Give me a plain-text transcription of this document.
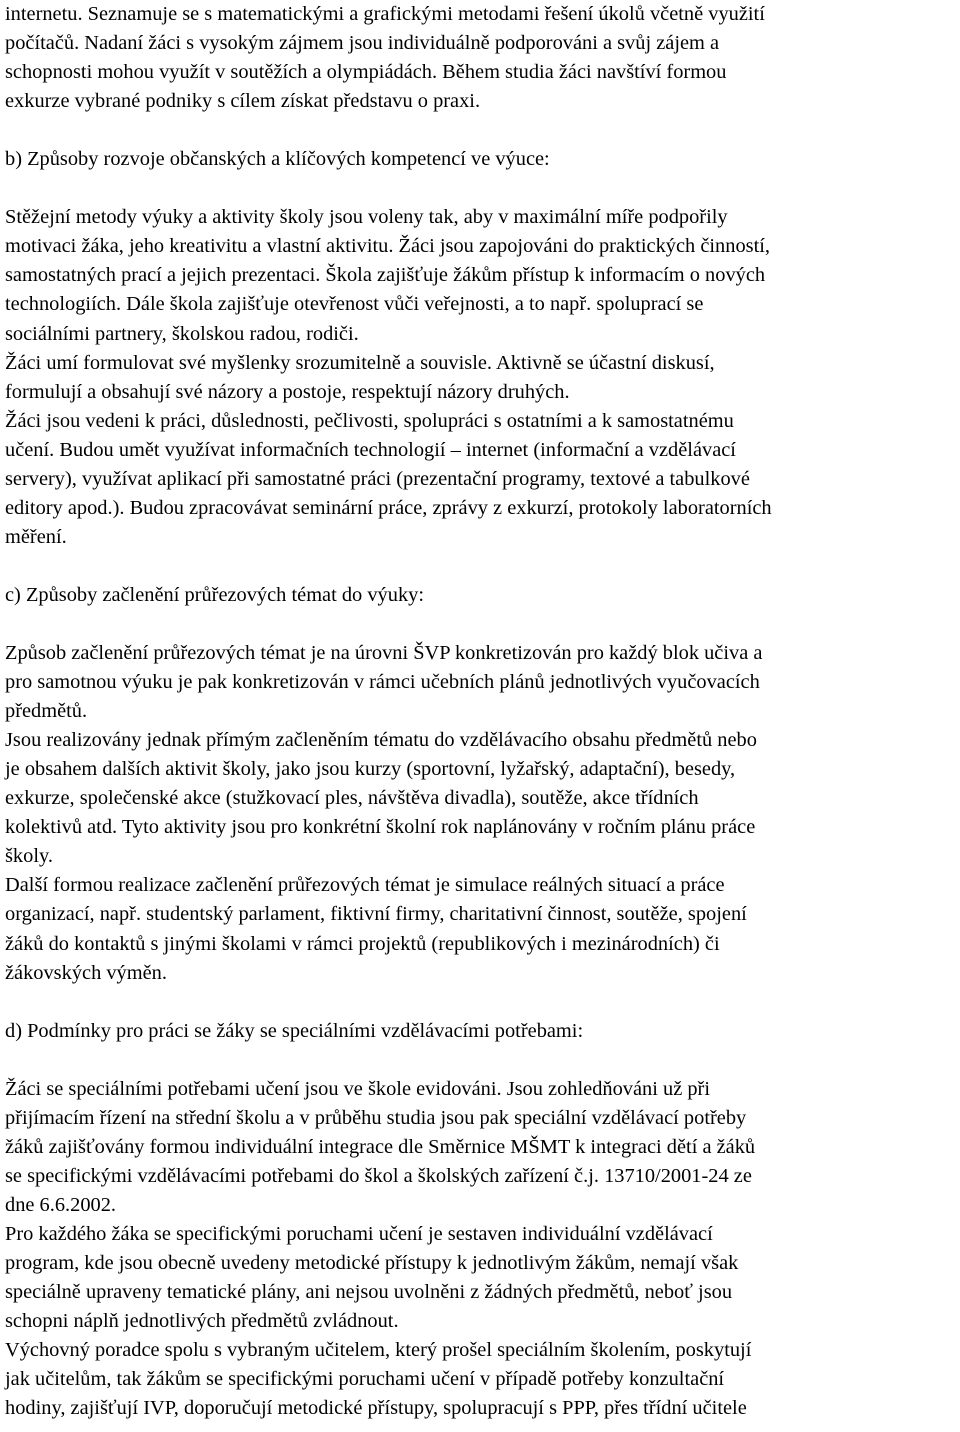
internetu. Seznamuje se s matematickými a grafickými metodami řešení úkolů včetně využití
počítačů. Nadaní žáci s vysokým zájmem jsou individuálně podporováni a svůj zájem a
schopnosti mohou využít v soutěžích a olympiádách. Během studia žáci navštíví formou
exkurze vybrané podniky s cílem získat představu o praxi.
b) Způsoby rozvoje občanských a klíčových kompetencí ve výuce:
Stěžejní metody výuky a aktivity školy jsou voleny tak, aby v maximální míře podpořily
motivaci žáka, jeho kreativitu a vlastní aktivitu. Žáci jsou zapojováni do praktických činností,
samostatných prací a jejich prezentaci. Škola zajišťuje žákům přístup k informacím o nových
technologiích. Dále škola zajišťuje otevřenost vůči veřejnosti, a to např. spoluprací se
sociálními partnery, školskou radou, rodiči.
Žáci umí formulovat své myšlenky srozumitelně a souvisle. Aktivně se účastní diskusí,
formulují a obsahují své názory a postoje, respektují názory druhých.
Žáci jsou vedeni k práci, důslednosti, pečlivosti, spolupráci s ostatními a k samostatnému
učení. Budou umět využívat informačních technologií – internet (informační a vzdělávací
servery), využívat aplikací při samostatné práci (prezentační programy, textové a tabulkové
editory apod.). Budou zpracovávat seminární práce, zprávy z exkurzí, protokoly laboratorních
měření.
c) Způsoby začlenění průřezových témat do výuky:
Způsob začlenění průřezových témat je na úrovni ŠVP konkretizován pro každý blok učiva a
pro samotnou výuku je pak konkretizován v rámci učebních plánů jednotlivých vyučovacích
předmětů.
Jsou realizovány jednak přímým začleněním tématu do vzdělávacího obsahu předmětů nebo
je obsahem dalších aktivit školy, jako jsou kurzy (sportovní, lyžařský, adaptační), besedy,
exkurze, společenské akce (stužkovací ples, návštěva divadla), soutěže, akce třídních
kolektivů atd. Tyto aktivity jsou pro konkrétní školní rok naplánovány v ročním plánu práce
školy.
Další formou realizace začlenění průřezových témat je simulace reálných situací a práce
organizací, např. studentský parlament, fiktivní firmy, charitativní činnost, soutěže, spojení
žáků do kontaktů s jinými školami v rámci projektů (republikových i mezinárodních) či
žákovských výměn.
d) Podmínky pro práci se žáky se speciálními vzdělávacími potřebami:
Žáci se speciálními potřebami učení jsou ve škole evidováni. Jsou zohledňováni už při
přijímacím řízení na střední školu a v průběhu studia jsou pak speciální vzdělávací potřeby
žáků zajišťovány formou individuální integrace dle Směrnice MŠMT k integraci dětí a žáků
se specifickými vzdělávacími potřebami do škol a školských zařízení č.j. 13710/2001-24 ze
dne 6.6.2002.
Pro každého žáka se specifickými poruchami učení je sestaven individuální vzdělávací
program, kde jsou obecně uvedeny metodické přístupy k jednotlivým žákům, nemají však
speciálně upraveny tematické plány, ani nejsou uvolněni z žádných předmětů, neboť jsou
schopni náplň jednotlivých předmětů zvládnout.
Výchovný poradce spolu s vybraným učitelem, který prošel speciálním školením, poskytují
jak učitelům, tak žákům se specifickými poruchami učení v případě potřeby konzultační
hodiny, zajišťují IVP, doporučují metodické přístupy, spolupracují s PPP, přes třídní učitele
